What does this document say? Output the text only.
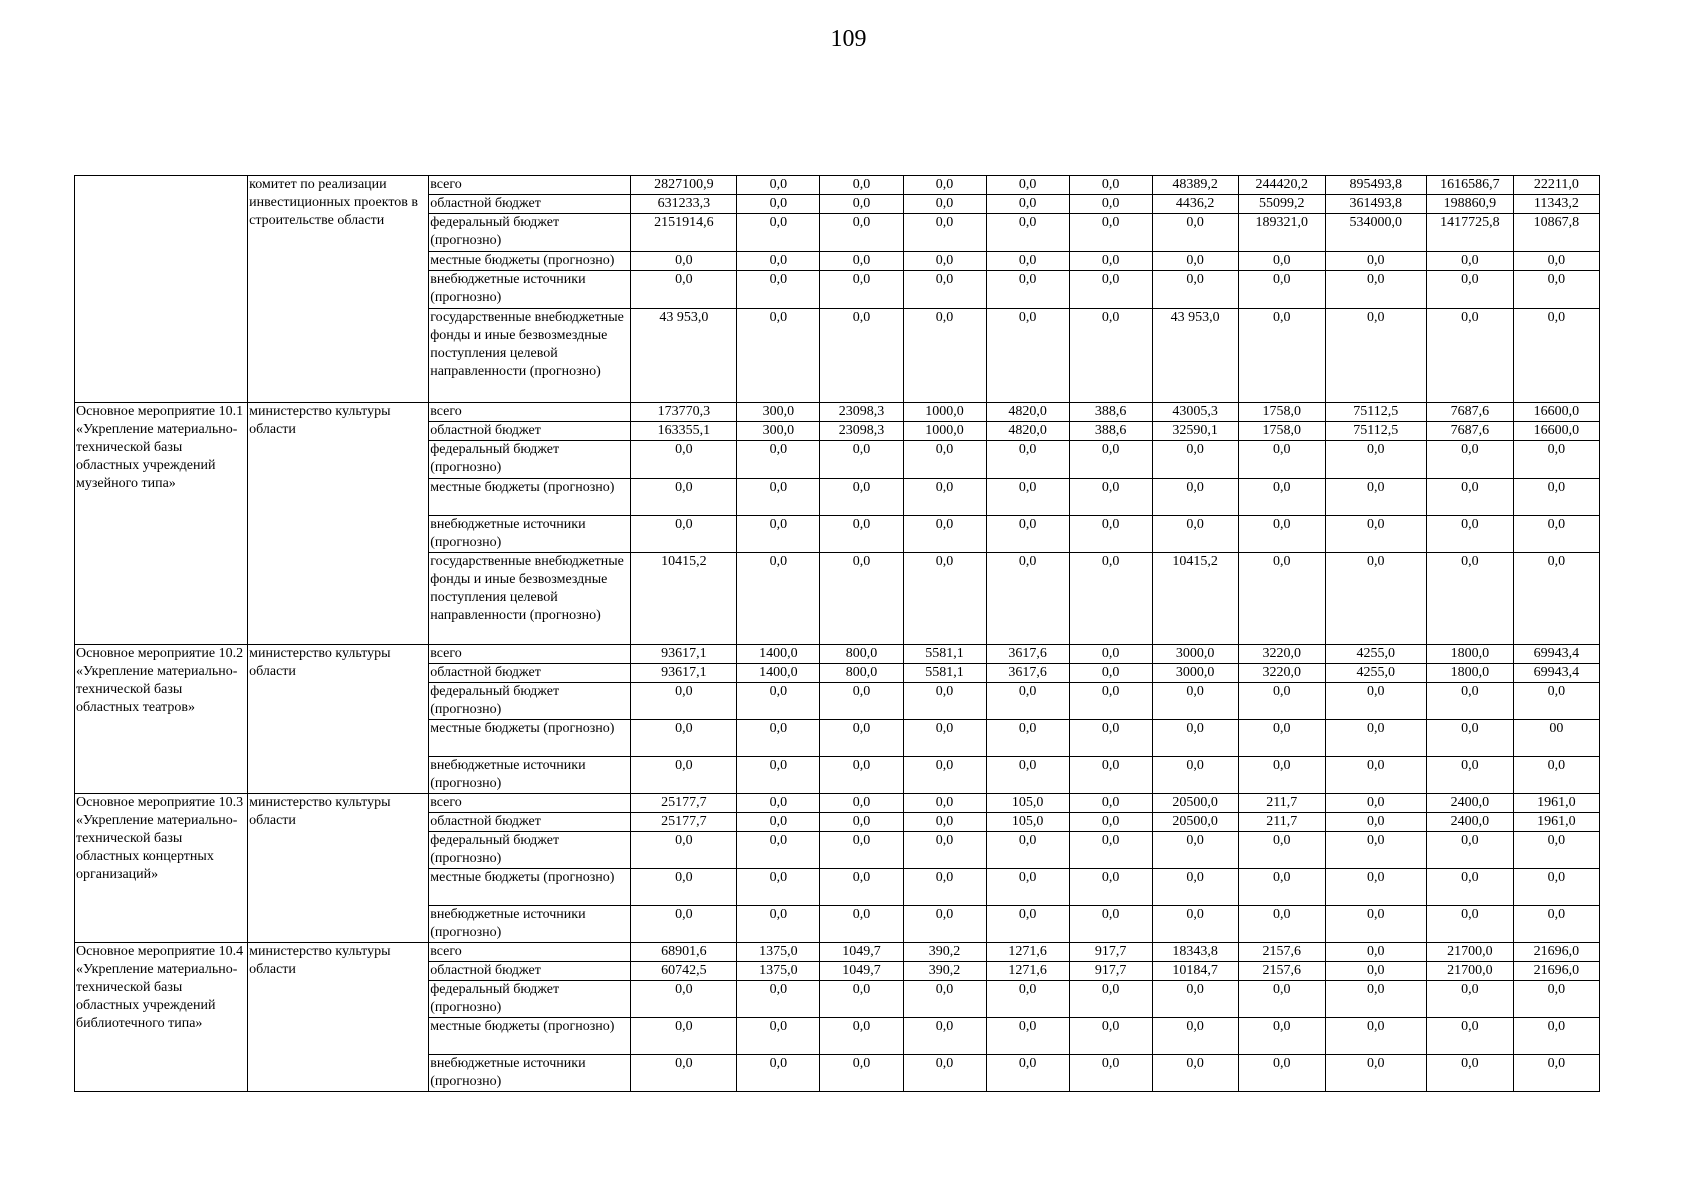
109
	комитет по реализации инвестиционных проектов в строительстве области	всего	2827100,9	0,0	0,0	0,0	0,0	0,0	48389,2	244420,2	895493,8	1616586,7	22211,0
		областной бюджет	631233,3	0,0	0,0	0,0	0,0	0,0	4436,2	55099,2	361493,8	198860,9	11343,2
		федеральный бюджет (прогнозно)	2151914,6	0,0	0,0	0,0	0,0	0,0	0,0	189321,0	534000,0	1417725,8	10867,8
		местные бюджеты (прогнозно)	0,0	0,0	0,0	0,0	0,0	0,0	0,0	0,0	0,0	0,0	0,0
		внебюджетные источники (прогнозно)	0,0	0,0	0,0	0,0	0,0	0,0	0,0	0,0	0,0	0,0	0,0
		государственные внебюджетные фонды и иные безвозмездные поступления целевой направленности (прогнозно)	43 953,0	0,0	0,0	0,0	0,0	0,0	43 953,0	0,0	0,0	0,0	0,0
Основное мероприятие 10.1 «Укрепление материально-технической базы областных учреждений музейного типа»	министерство культуры области	всего	173770,3	300,0	23098,3	1000,0	4820,0	388,6	43005,3	1758,0	75112,5	7687,6	16600,0
		областной бюджет	163355,1	300,0	23098,3	1000,0	4820,0	388,6	32590,1	1758,0	75112,5	7687,6	16600,0
		федеральный бюджет (прогнозно)	0,0	0,0	0,0	0,0	0,0	0,0	0,0	0,0	0,0	0,0	0,0
		местные бюджеты (прогнозно)	0,0	0,0	0,0	0,0	0,0	0,0	0,0	0,0	0,0	0,0	0,0
		внебюджетные источники (прогнозно)	0,0	0,0	0,0	0,0	0,0	0,0	0,0	0,0	0,0	0,0	0,0
		государственные внебюджетные фонды и иные безвозмездные поступления целевой направленности (прогнозно)	10415,2	0,0	0,0	0,0	0,0	0,0	10415,2	0,0	0,0	0,0	0,0
Основное мероприятие 10.2 «Укрепление материально-технической базы областных театров»	министерство культуры области	всего	93617,1	1400,0	800,0	5581,1	3617,6	0,0	3000,0	3220,0	4255,0	1800,0	69943,4
		областной бюджет	93617,1	1400,0	800,0	5581,1	3617,6	0,0	3000,0	3220,0	4255,0	1800,0	69943,4
		федеральный бюджет (прогнозно)	0,0	0,0	0,0	0,0	0,0	0,0	0,0	0,0	0,0	0,0	0,0
		местные бюджеты (прогнозно)	0,0	0,0	0,0	0,0	0,0	0,0	0,0	0,0	0,0	0,0	00
		внебюджетные источники (прогнозно)	0,0	0,0	0,0	0,0	0,0	0,0	0,0	0,0	0,0	0,0	0,0
Основное мероприятие 10.3 «Укрепление материально-технической базы областных концертных организаций»	министерство культуры области	всего	25177,7	0,0	0,0	0,0	105,0	0,0	20500,0	211,7	0,0	2400,0	1961,0
		областной бюджет	25177,7	0,0	0,0	0,0	105,0	0,0	20500,0	211,7	0,0	2400,0	1961,0
		федеральный бюджет (прогнозно)	0,0	0,0	0,0	0,0	0,0	0,0	0,0	0,0	0,0	0,0	0,0
		местные бюджеты (прогнозно)	0,0	0,0	0,0	0,0	0,0	0,0	0,0	0,0	0,0	0,0	0,0
		внебюджетные источники (прогнозно)	0,0	0,0	0,0	0,0	0,0	0,0	0,0	0,0	0,0	0,0	0,0
Основное мероприятие 10.4 «Укрепление материально-технической базы областных учреждений библиотечного типа»	министерство культуры области	всего	68901,6	1375,0	1049,7	390,2	1271,6	917,7	18343,8	2157,6	0,0	21700,0	21696,0
		областной бюджет	60742,5	1375,0	1049,7	390,2	1271,6	917,7	10184,7	2157,6	0,0	21700,0	21696,0
		федеральный бюджет (прогнозно)	0,0	0,0	0,0	0,0	0,0	0,0	0,0	0,0	0,0	0,0	0,0
		местные бюджеты (прогнозно)	0,0	0,0	0,0	0,0	0,0	0,0	0,0	0,0	0,0	0,0	0,0
		внебюджетные источники (прогнозно)	0,0	0,0	0,0	0,0	0,0	0,0	0,0	0,0	0,0	0,0	0,0
